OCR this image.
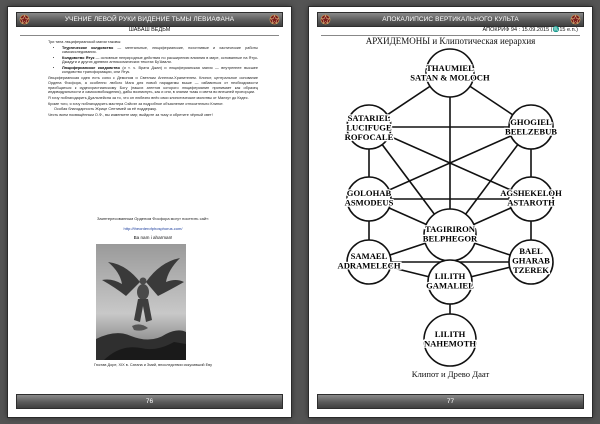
УЧЕНИЕ ЛЕВОЙ РУКИ ВИДЕНИЕ ТЬМЫ ЛЕВИАФАНА
ШАБАШ ВЕДЬМ

Три типа люциферианской магии таковы:

• Теургическое колдовство — ментальные, люциферианские, похотливые и хаотические работы самоисследования.
• Колдовство Ятук — основные неприродные действия по расширению влияния в мире, основанные на Ятук-Джадуги и других древних антикосмических текстах Бу'Авали.
• Люциферианское колдовство (и т. ч. Врата Джан) и люциферианская магия — внутреннее высшее колдовство трансформации, или Ятук.

Люциферианская идея есть союз с Демоном и Светлым Ангелом-Хранителем. Клипот, центральное основание Ордена Фосфора, а особенно любого Мага для новой парадигмы выше — избавиться от необходимости приобщаться к иудеохристианскому Богу (наших агентов которого люциферианин принимает как образец индивидуальности и самоосвобождения), дабы возникнуть, как и они, в знании тьмы и света во внешней пропорции.

Я хочу поблагодарить Дуальнейсна за то, что он любезно внёс свои клипотические молитвы от Малхут до Кэдес.

Кроме того, я хочу поблагодарить мастера Сэйсэл за подробное объяснение относительно Клипот.

Особая благодарность Жрице Септимей за её поддержку.

Честь всем посвящённым О.Ф., вы изменяете мир; выйдите за тьму и обретите чёрный свет!

Заинтересованным Орденом Фосфора могут посетить сайт:
http://theorderofphosphorus.com/
Ba nam i aharman!
Гюстав Доре, XIX в. Сатана и Змий, впоследствии искусивший Еву
76
АПОКАЛИПСИС ВЕРТИКАЛЬНОГО КУЛЬТА
АПОКРИФ 94 : 15.09.2015 (♏15 e.n.)
АРХИДЕМОНЫ и Клипотическая иерархия
THAUMIEL SATAN & MOLOCH
SATARIEL LUCIFUGE ROFOCALE
GHOGIEL BEELZEBUB
GOLOHAB ASMODEUS
AGSHEKELOH ASTAROTH
TAGIRIRON BELPHEGOR
SAMAEL ADRAMELECH
BAEL GHARAB TZEREK
LILITH GAMALIEL
LILITH NAHEMOTH
Клипот и Древо Даат
77
